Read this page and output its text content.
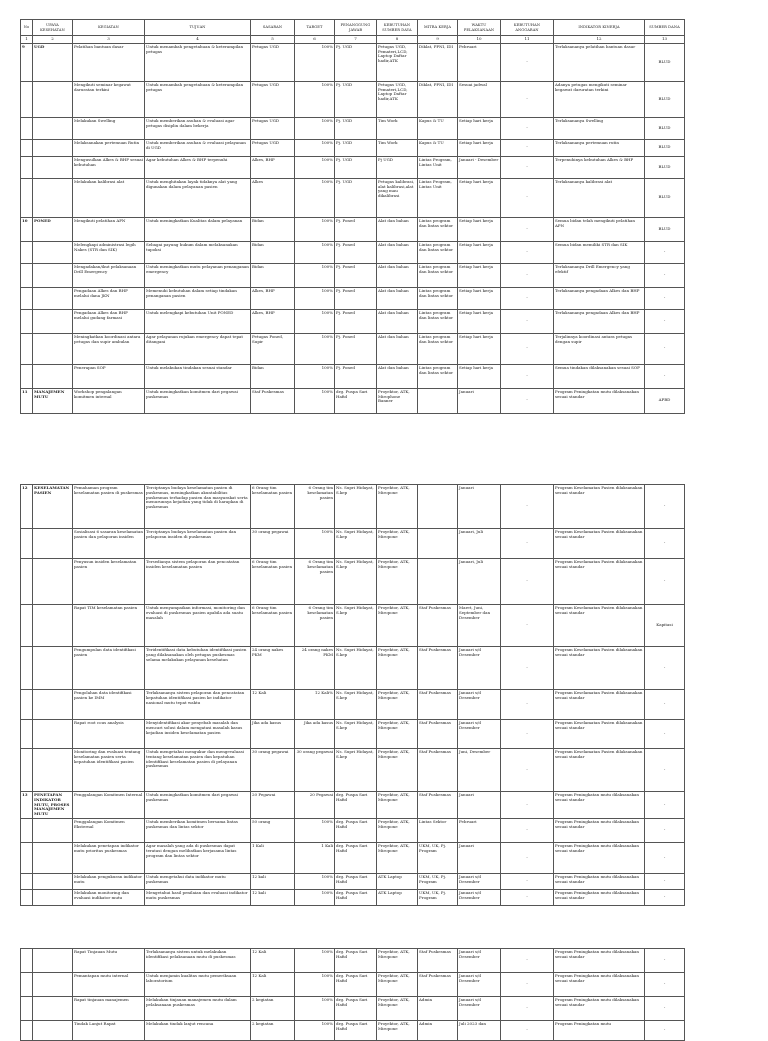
No	UPAYA KESEHATAN	KEGIATAN	TUJUAN	SASARAN	TARGET	PENANGGUNG JAWAB	KEBUTUHAN SUMBER DAYA	MITRA KERJA	WAKTU PELAKSANAAN	KEBUTUHAN ANGGARAN	INDIKATOR KINERJA	SUMBER DANA
1	2	3	4	5	6	7	8	9	10	11	12	13
9	UGD	Pelatihan bantuan dasar	Untuk menambah pengetahuan & keterampilan petugas	Petugas UGD	100%	Pj. UGD	Petugas UGD, Pemateri,LCD, Laptop Daftar hadir,ATK	Diklat, PPNI, IDI	Februari	-	Terlaksananya pelatihan bantuan dasar	BLUD
		Mengikuti seminar kegawat daruratan terkini	Untuk menambah pengetahuan & keterampilan petugas	Petugas UGD	100%	Pj. UGD	Petugas UGD, Pemateri,LCD, Laptop Daftar hadir,ATK	Diklat, PPNI, IDI	Sesuai jadwal	-	Adanya petugas mengikuti seminar kegawat daruratan terkini	BLUD
		Melakukan Swelling	Untuk memberikan asuhan & evaluasi agar petugas disiplin dalam bekerja	Petugas UGD	100%	Pj. UGD	Tim Work	Kapus & TU	Setiap hari kerja	-	Terlaksananya Swelling	BLUD
		Melaksanakan pertemuan Rutin	Untuk memberikan asuhan & evaluasi pelayanan di UGD	Petugas UGD	100%	Pj. UGD	Tim Work	Kapus & TU	Setiap hari kerja	-	Terlaksananya pertemuan rutin	BLUD
		Mengusulkan Alkes & BHP sesuai kebutuhan	Agar kebutuhan Alkes & BHP terpenuhi	Alkes, BHP	100%	Pj. UGD	Pj UGD	Lintas Program, Lintas Unit	Januari - Desember	-	Terpenuhinya kebutuhan Alkes & BHP	BLUD
		Melakukan kalibrasi alat	Untuk menghitakan layak tidaknya alat yang digunakan dalam pelayanan pasien	Alkes	100%	Pj. UGD	Petugas kalibrasi, alat kalibrasi,alat yang mau dikalibrasi	Lintas Program, Lintas Unit	Setiap hari kerja	-	Terlaksananya kalibrasi alat	BLUD
10	PONED	Mengikuti pelatihan APN	Untuk meningkatkan Kualitas dalam pelayanan	Bidan	100%	Pj. Poned	Alat dan bahan	Lintas program dan lintas sektor	Setiap hari kerja	-	Semua bidan telah mengikuti pelatihan APN	BLUD
		Melengkapi administrasi legih Nakes (STR dan SIK)	Sebagai payung hukum dalam melaksanakan tupoksi	Bidan	100%	Pj. Poned	Alat dan bahan	Lintas program dan lintas sektor	Setiap hari kerja	-	Semua bidan memiliki STR dan SIK	-
		Mengadakan/ikut pelaksanaan Drill Emergency	Untuk meningkatkan mutu pelayanan penanganan emergency	Bidan	100%	Pj. Poned	Alat dan bahan	Lintas program dan lintas sektor	Setiap hari kerja	-	Terlaksananya Drill Emergency yang efektif	-
		Pengadaan Alkes dan BHP melalui dana JKN	Memenuhi kebutuhan dalam setiap tindakan penanganan pasien	Alkes, BHP	100%	Pj. Poned	Alat dan bahan	Lintas program dan lintas sektor	Setiap hari kerja	-	Terlaksananya pengadaan Alkes dan BHP	-
		Pengadaan Alkes dan BHP melalui gudang farmasi	Untuk melengkapi kebutuhan Unit PONED	Alkes, BHP	100%	Pj. Poned	Alat dan bahan	Lintas program dan lintas sektor	Setiap hari kerja	-	Terlaksananya pengadaan Alkes dan BHP	-
		Meningkatkan koordinasi antara petugas dan supir ambulan	Agar pelayanan rujukan emergency dapat tepat ditangani	Petugas Poned, Supir	100%	Pj. Poned	Alat dan bahan	Lintas program dan lintas sektor	Setiap hari kerja	-	Terjalinnya koordinasi antara petugas dengan supir	-
		Penerapan SOP	Untuk melakukan tindakan sesuai standar	Bidan	100%	Pj. Poned	Alat dan bahan	Lintas program dan lintas sektor	Setiap hari kerja	-	Semua tindakan dilaksanakan sesuai SOP	-
11	MANAJEMEN MUTU	Workshop pengalangan komitmen internal	Untuk meningkatkan komitmen dari pegawai puskesmas	Staf Puskesmas	100%	drg. Puspa Sari Hafid	Proyektor, ATK, Mirophone Banner		Januari	-	Program Peningkatan mutu dilaksanakan sesuai standar	APBD
12	KESELAMATAN PASIEN	Pemahaman program keselamatan pasien di puskesmas	Terciptanya budaya keselamatan pasien di puskesmas, meningkatkan akuntabilitas puskesmas terhadap pasien dan masyarakat serta menurunnya kejadian yang tidak di harapkan di puskesmas	6 Orang tim keselamatan pasien	6 Orang tim keselamatan pasien	Ns. Supri Hidayat, S.kep	Proyektor, ATK, Miropone		Januari	-	Program Keselamatan Pasien dilaksanakan sesuai standar	-
		Sosialisasi 6 sasaran keselamatan pasien dan pelaporan insiden	Terciptanya budaya keselamatan pasien dan pelaporan insiden di puskesmas	30 orang pegawai	100%	Ns. Supri Hidayat, S.kep	Proyektor, ATK, Miropone		Januari, Juli	-	Program Keselamatan Pasien dilaksanakan sesuai standar	-
		Penyusun insiden keselamatan pasien	Tersedianya sistem pelaporan dan pencatatan insiden keselamatan pasien	6 Orang tim keselamatan pasien	6 Orang tim keselamatan pasien	Ns. Supri Hidayat, S.kep	Proyektor, ATK, Miropone		Januari, Juli	-	Program Keselamatan Pasien dilaksanakan sesuai standar	-
		Rapat TIM keselamatan pasien	Untuk menyampaikan informasi, monitoring dan evaluasi di puskesmas pasien apabila ada suatu masalah	6 Orang tim keselamatan pasien	6 Orang tim keselamatan pasien	Ns. Supri Hidayat, S.kep	Proyektor, ATK, Miropone	Staf Puskesmas	Maret, Juni, September dan Desember	-	Program Keselamatan Pasien dilaksanakan sesuai standar	Kapitasi
		Pengumpulan data identifikasi pasien	Teridentifikasi data kebutuhan identifikasi pasien yang dilaksanakan oleh petugas puskesmas selama melakukan pelayanan kesehatan	24 orang nakes PKM	24 orang nakes PKM	Ns. Supri Hidayat, S.kep	Proyektor, ATK, Miropone	Staf Puskesmas	Januari s/d Desember	-	Program Keselamatan Pasien dilaksanakan sesuai standar	-
		Pengolahan data identifikasi pasien ke IMM	Terlaksananya sistem pelaporan dan pencatatan kepatuhan identifikasi pasien ke indikator nasional mutu tepat waktu	12 Kali	12 Kali%	Ns. Supri Hidayat, S.kep	Proyektor, ATK, Miropone	Staf Puskesmas	Januari s/d Desember	-	Program Keselamatan Pasien dilaksanakan sesuai standar	-
		Rapat root cous analysis	Menyidentifikasi akar penyebab masalah dan mencari solusi dalam mengatasi masalah kasus kejadian insiden keselamatan pasien	Jika ada kasus	Jika ada kasus	Ns. Supri Hidayat, S.kep	Proyektor, ATK, Miropone	Staf Puskesmas	Januari s/d Desember	-	Program Keselamatan Pasien dilaksanakan sesuai standar	-
		Monitoring dan evaluasi tentang keselamatan pasien serta kepatuhan identifikasi pasien	Untuk mengetahui mengukur dan mengevaluasi tentang keselamatan pasien dan kepatuhan identifikasi keselamatan pasien di pelayanan puskesmas	30 orang pegawai	30 orang pegawai	Ns. Supri Hidayat, S.kep	Proyektor, ATK, Miropone	Staf Puskesmas	Juni, Desember	-	Program Keselamatan Pasien dilaksanakan sesuai standar	-
13	PENETAPAN INDIKATOR MUTU, PROSES MANAJEMEN MUTU	Penggalangan Komitmen Internal	Untuk meningkatkan komitmen dari pegawai puskesmas	20 Pegawai	20 Pegawai	drg. Puspa Sari Hafid	Proyektor, ATK, Miropone	Staf Puskesmas	Januari	-	Program Peningkatan mutu dilaksanakan sesuai standar	-
		Penggalangan Komitmen Eksternal	Untuk memberikan komitmen bersama lintas puskesmas dan lintas sektor	50 orang	100%	drg. Puspa Sari Hafid	Proyektor, ATK, Miropone	Lintas Sektor	Februari	-	Program Peningkatan mutu dilaksanakan sesuai standar	-
		Melakukan penetapan indikator mutu prioritas puskesmas	Agar masalah yang ada di puskesmas dapat teratasi dengan melibatkan kerjasama lintas program dan lintas sektor	1 Kali	1 Kali	drg. Puspa Sari Hafid	Proyektor, ATK, Miropone	UKM, UK, Pj. Program	Januari	-	Program Peningkatan mutu dilaksanakan sesuai standar	-
		Melakukan pengukuran indikator mutu	Untuk mengetahui data indikator mutu puskesmas	12 kali	100%	drg. Puspa Sari Hafid	ATK Laptop	UKM, UK, Pj. Program	Januari s/d Desember	-	Program Peningkatan mutu dilaksanakan sesuai standar	-
		Melakukan monitoring dan evaluasi indikator mutu	Mengetahui hasil penilaian dan evaluasi indikator mutu puskesmas	12 kali	100%	drg. Puspa Sari Hafid	ATK Laptop	UKM, UK, Pj. Program	Januari s/d Desember	-	Program Peningkatan mutu dilaksanakan sesuai standar	-
		Rapat Tinjauan Mutu	Terlaksananya sistem untuk melakukan identifikasi pelaksanaan mutu di puskesmas	12 Kali	100%	drg. Puspa Sari Hafid	Proyektor, ATK, Miropone	Staf Puskesmas	Januari s/d Desember	-	Program Peningkatan mutu dilaksanakan sesuai standar	-
		Pemantapan mutu internal	Untuk menjamin kualitas mutu pemeriksaan laboratorium	12 Kali	100%	drg. Puspa Sari Hafid	Proyektor, ATK, Miropone	Staf Puskesmas	Januari s/d Desember	-	Program Peningkatan mutu dilaksanakan sesuai standar	-
		Rapat tinjauan manajemen	Melakukan tinjauan manajemen mutu dalam pelaksanaan puskesmas	2 kegiatan	100%	drg. Puspa Sari Hafid	Proyektor, ATK, Miropone	Admin	Januari s/d Desember	-	Program Peningkatan mutu dilaksanakan sesuai standar	-
		Tindak Lanjut Rapat	Melakukan tindak lanjut rencana	2 kegiatan	100%	drg. Puspa Sari Hafid	Proyektor, ATK, Miropone	Admin	Juli 2023 dan	-	Program Peningkatan mutu	-
